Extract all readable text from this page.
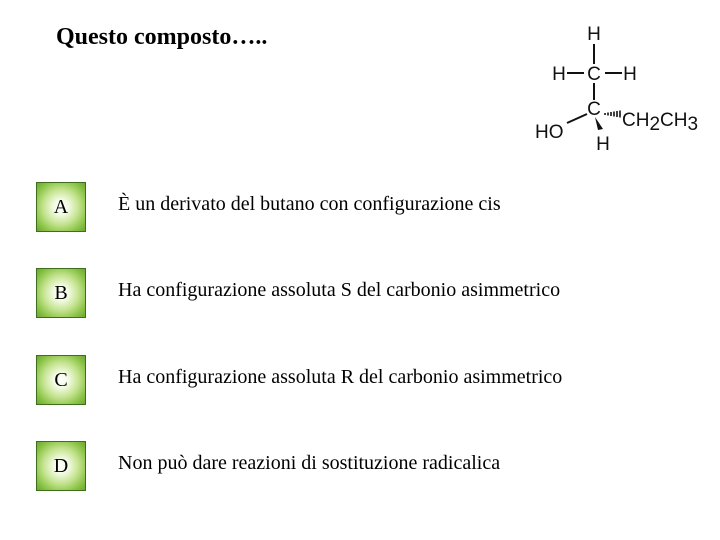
Questo composto…..	H
H C H
C
HO
H
CH2CH3
A	È un derivato del butano con configurazione cis
B	Ha configurazione assoluta S del carbonio asimmetrico
C	Ha configurazione assoluta R del carbonio asimmetrico
D	Non può dare reazioni di sostituzione radicalica
